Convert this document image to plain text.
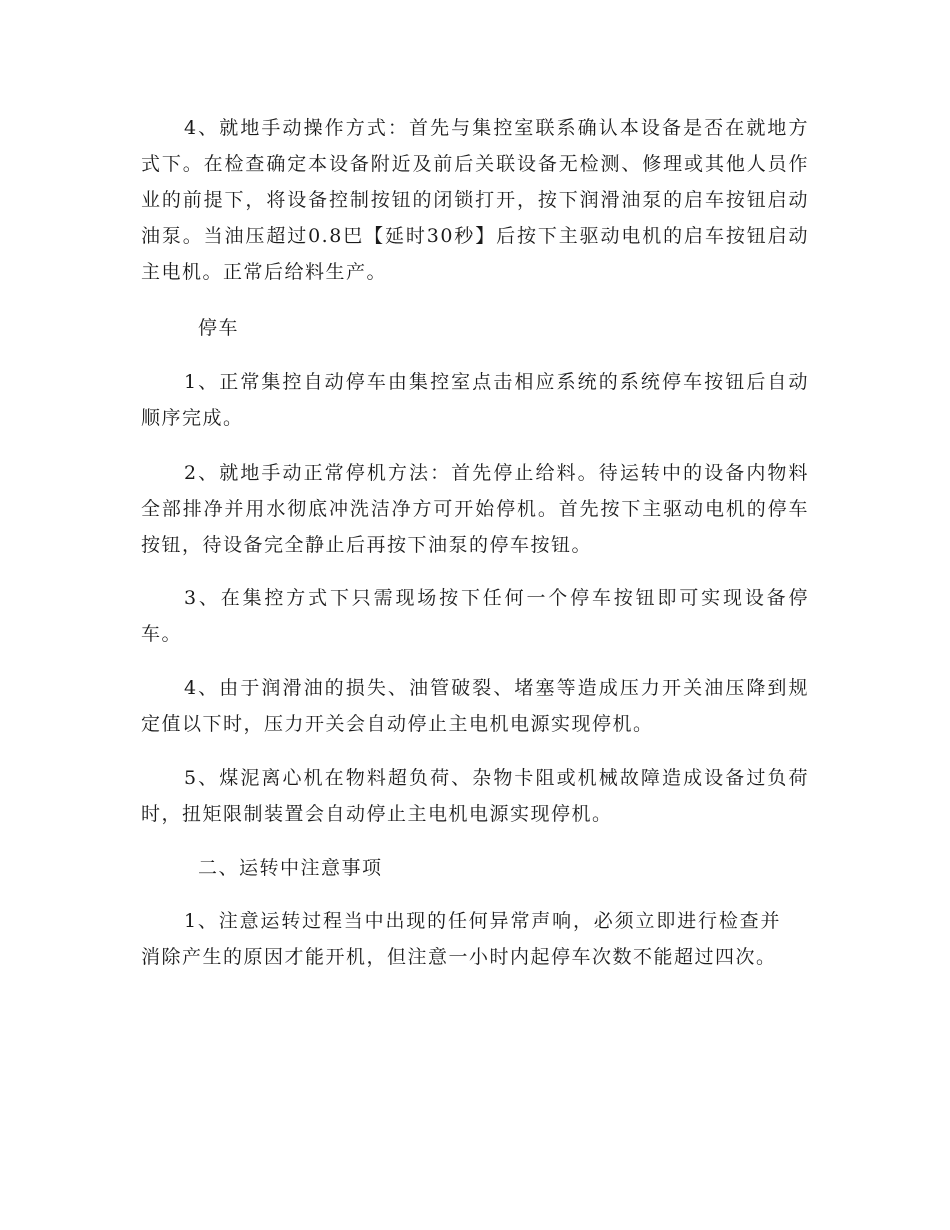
4、就地手动操作方式：首先与集控室联系确认本设备是否在就地方式下。在检查确定本设备附近及前后关联设备无检测、修理或其他人员作业的前提下，将设备控制按钮的闭锁打开，按下润滑油泵的启车按钮启动油泵。当油压超过0.8巴【延时30秒】后按下主驱动电机的启车按钮启动主电机。正常后给料生产。

停车

1、正常集控自动停车由集控室点击相应系统的系统停车按钮后自动顺序完成。

2、就地手动正常停机方法：首先停止给料。待运转中的设备内物料全部排净并用水彻底冲洗洁净方可开始停机。首先按下主驱动电机的停车按钮，待设备完全静止后再按下油泵的停车按钮。

3、在集控方式下只需现场按下任何一个停车按钮即可实现设备停车。

4、由于润滑油的损失、油管破裂、堵塞等造成压力开关油压降到规定值以下时，压力开关会自动停止主电机电源实现停机。

5、煤泥离心机在物料超负荷、杂物卡阻或机械故障造成设备过负荷时，扭矩限制装置会自动停止主电机电源实现停机。

二、运转中注意事项

1、注意运转过程当中出现的任何异常声响，必须立即进行检查并消除产生的原因才能开机，但注意一小时内起停车次数不能超过四次。
